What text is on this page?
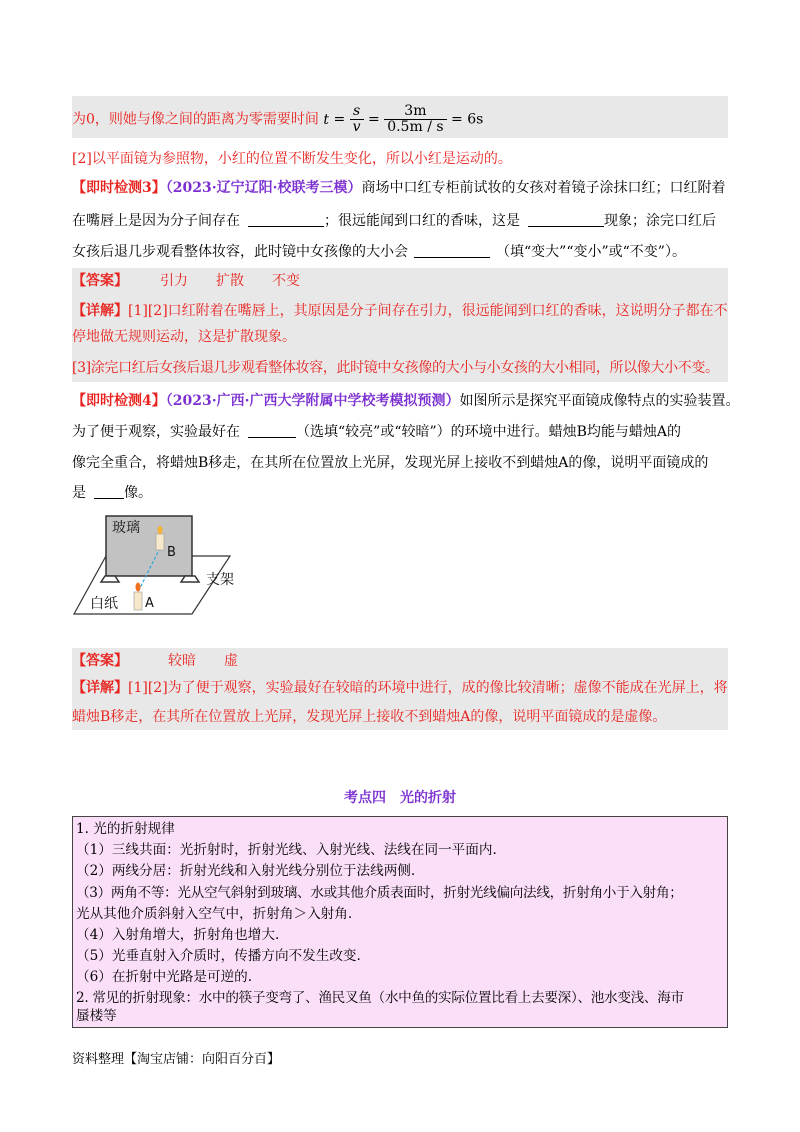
为0，则她与像之间的距离为零需要时间 $t = \frac{s}{v} = \frac{3m}{0.5m / s} = 6s$
[2]以平面镜为参照物，小红的位置不断发生变化，所以小红是运动的。
【即时检测3】（2023·辽宁辽阳·校联考三模）商场中口红专柜前试妆的女孩对着镜子涂抹口红；口红附着
在嘴唇上是因为分子间存在	；很远能闻到口红的香味，这是	现象；涂完口红后
女孩后退几步观看整体妆容，此时镜中女孩像的大小会	（填“变大”“变小”或“不变”）。
【答案】 引力 扩散 不变
【详解】[1][2]口红附着在嘴唇上，其原因是分子间存在引力，很远能闻到口红的香味，这说明分子都在不
停地做无规则运动，这是扩散现象。
[3]涂完口红后女孩后退几步观看整体妆容，此时镜中女孩像的大小与小女孩的大小相同，所以像大小不变。
【即时检测4】（2023·广西·广西大学附属中学校考模拟预测）如图所示是探究平面镜成像特点的实验装置。
为了便于观察，实验最好在	（选填“较亮”或“较暗”）的环境中进行。蜡烛B均能与蜡烛A的
像完全重合，将蜡烛B移走，在其所在位置放上光屏，发现光屏上接收不到蜡烛A的像，说明平面镜成的
是	像。
玻璃
B
A
支架
白纸
【答案】	较暗 虚
【详解】[1][2]为了便于观察，实验最好在较暗的环境中进行，成的像比较清晰；虚像不能成在光屏上，将
蜡烛B移走，在其所在位置放上光屏，发现光屏上接收不到蜡烛A的像，说明平面镜成的是虚像。
考点四　光的折射
1. 光的折射规律
（1）三线共面：光折射时，折射光线、入射光线、法线在同一平面内.
（2）两线分居：折射光线和入射光线分别位于法线两侧.
（3）两角不等：光从空气斜射到玻璃、水或其他介质表面时，折射光线偏向法线，折射角小于入射角；
光从其他介质斜射入空气中，折射角＞入射角.
（4）入射角增大，折射角也增大.
（5）光垂直射入介质时，传播方向不发生改变.
（6）在折射中光路是可逆的.
2. 常见的折射现象：水中的筷子变弯了、渔民叉鱼（水中鱼的实际位置比看上去要深）、池水变浅、海市
蜃楼等
资料整理【淘宝店铺：向阳百分百】
